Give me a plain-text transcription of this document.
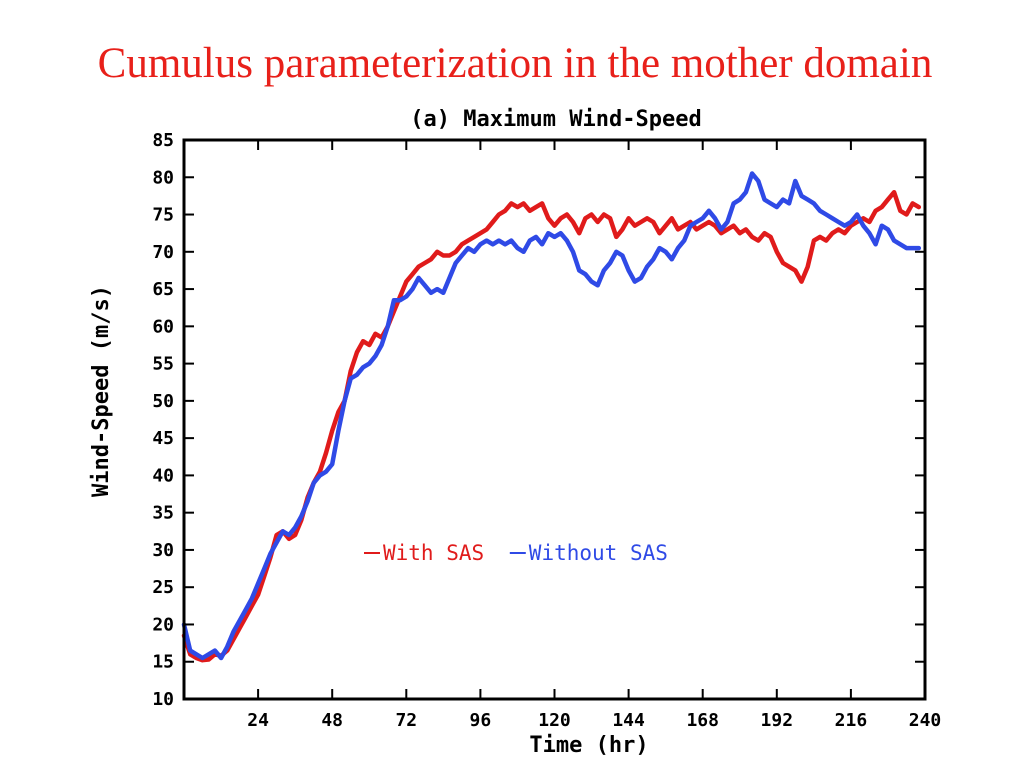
Cumulus parameterization in the mother domain
(a) Maximum Wind-Speed
10
15
20
25
30
35
40
45
50
55
60
65
70
75
80
85
24	48	72	96	120 144 168 192 216 240
Time (hr)
Wind-Speed (m/s)
With SAS Without SAS
